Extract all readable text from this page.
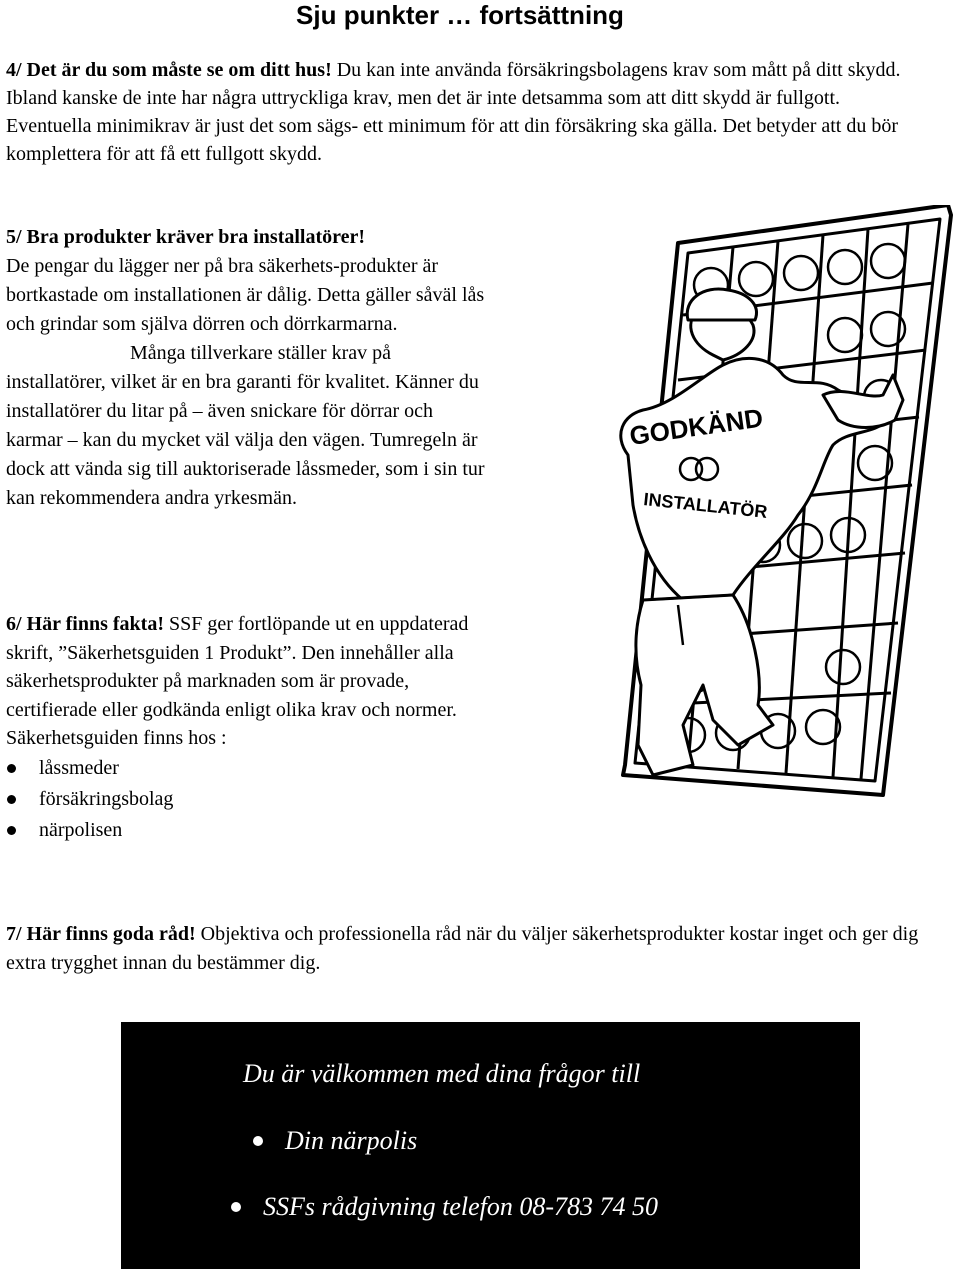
Sju punkter … fortsättning
4/ Det är du som måste se om ditt hus! Du kan inte använda försäkringsbolagens krav som mått på ditt skydd. Ibland kanske de inte har några uttryckliga krav, men det är inte detsamma som att ditt skydd är fullgott. Eventuella minimikrav är just det som sägs- ett minimum för att din försäkring ska gälla. Det betyder att du bör komplettera för att få ett fullgott skydd.
5/ Bra produkter kräver bra installatörer!
De pengar du lägger ner på bra säkerhets-produkter är bortkastade om installationen är dålig. Detta gäller såväl lås och grindar som själva dörren och dörrkarmarna.
Många tillverkare ställer krav på installatörer, vilket är en bra garanti för kvalitet. Känner du installatörer du litar på – även snickare för dörrar och karmar – kan du mycket väl välja den vägen. Tumregeln är dock att vända sig till auktoriserade låssmeder, som i sin tur kan rekommendera andra yrkesmän.
6/ Här finns fakta! SSF ger fortlöpande ut en uppdaterad skrift, ”Säkerhetsguiden 1 Produkt”. Den innehåller alla säkerhetsprodukter på marknaden som är provade, certifierade eller godkända enligt olika krav och normer. Säkerhetsguiden finns hos :
låssmeder
försäkringsbolag
närpolisen
7/ Här finns goda råd! Objektiva och professionella råd när du väljer säkerhetsprodukter kostar inget och ger dig extra trygghet innan du bestämmer dig.
GODKÄND
INSTALLATÖR
Du är välkommen med dina frågor till
Din närpolis
SSFs rådgivning telefon 08-783 74 50
